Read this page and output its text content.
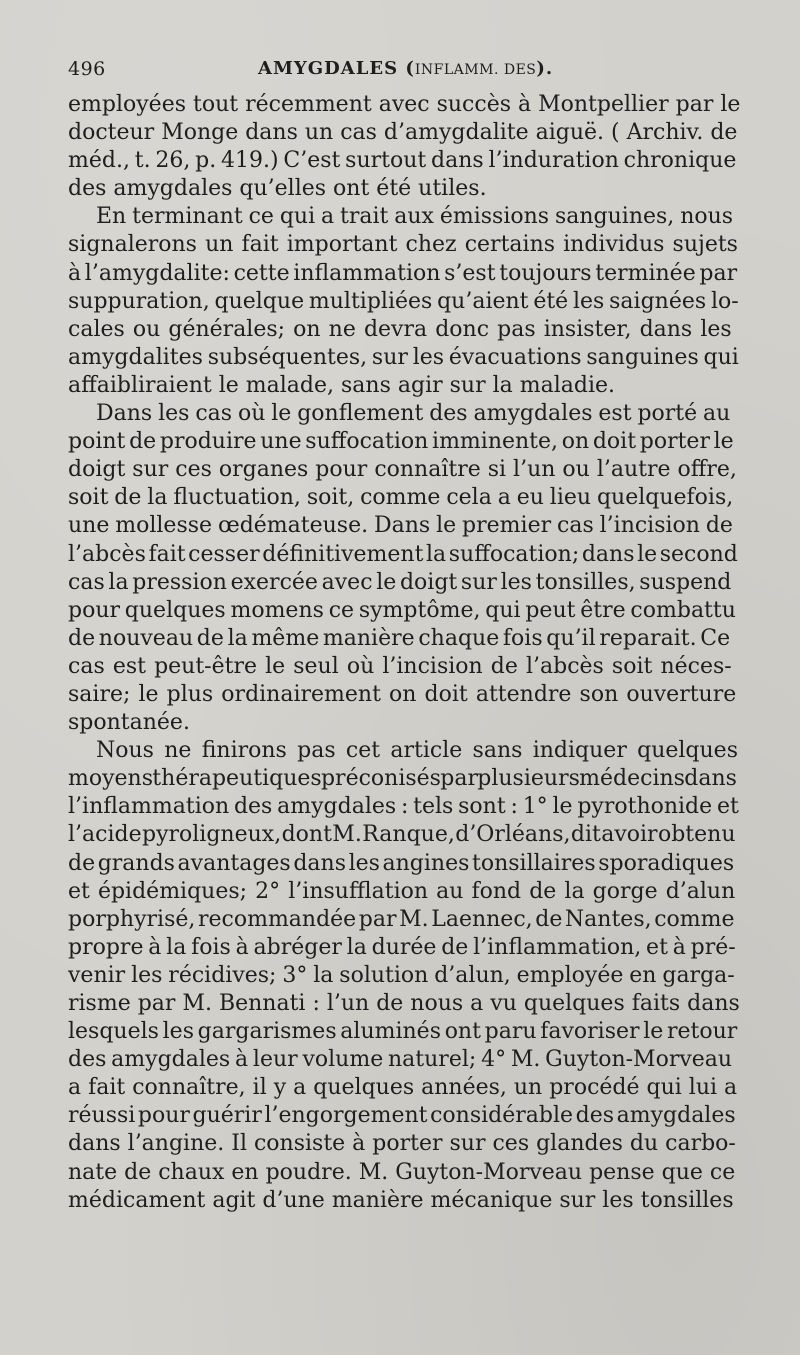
496	AMYGDALES (INFLAMM. DES).
employées tout récemment avec succès à Montpellier par le
docteur Monge dans un cas d’amygdalite aiguë. ( Archiv. de
méd., t. 26, p. 419.) C’est surtout dans l’induration chronique
des amygdales qu’elles ont été utiles.
En terminant ce qui a trait aux émissions sanguines, nous
signalerons un fait important chez certains individus sujets
à l’amygdalite: cette inflammation s’est toujours terminée par
suppuration, quelque multipliées qu’aient été les saignées lo-
cales ou générales; on ne devra donc pas insister, dans les
amygdalites subséquentes, sur les évacuations sanguines qui
affaibliraient le malade, sans agir sur la maladie.
Dans les cas où le gonflement des amygdales est porté au
point de produire une suffocation imminente, on doit porter le
doigt sur ces organes pour connaître si l’un ou l’autre offre,
soit de la fluctuation, soit, comme cela a eu lieu quelquefois,
une mollesse œdémateuse. Dans le premier cas l’incision de
l’abcès fait cesser définitivement la suffocation; dans le second
cas la pression exercée avec le doigt sur les tonsilles, suspend
pour quelques momens ce symptôme, qui peut être combattu
de nouveau de la même manière chaque fois qu’il reparait. Ce
cas est peut-être le seul où l’incision de l’abcès soit néces-
saire; le plus ordinairement on doit attendre son ouverture
spontanée.
Nous ne finirons pas cet article sans indiquer quelques
moyens thérapeutiques préconisés par plusieurs médecins dans
l’inflammation des amygdales : tels sont : 1° le pyrothonide et
l’acide pyroligneux, dont M. Ranque, d’Orléans, dit avoir obtenu
de grands avantages dans les angines tonsillaires sporadiques
et épidémiques; 2° l’insufflation au fond de la gorge d’alun
porphyrisé, recommandée par M. Laennec, de Nantes, comme
propre à la fois à abréger la durée de l’inflammation, et à pré-
venir les récidives; 3° la solution d’alun, employée en garga-
risme par M. Bennati : l’un de nous a vu quelques faits dans
lesquels les gargarismes aluminés ont paru favoriser le retour
des amygdales à leur volume naturel; 4° M. Guyton-Morveau
a fait connaître, il y a quelques années, un procédé qui lui a
réussi pour guérir l’engorgement considérable des amygdales
dans l’angine. Il consiste à porter sur ces glandes du carbo-
nate de chaux en poudre. M. Guyton-Morveau pense que ce
médicament agit d’une manière mécanique sur les tonsilles
